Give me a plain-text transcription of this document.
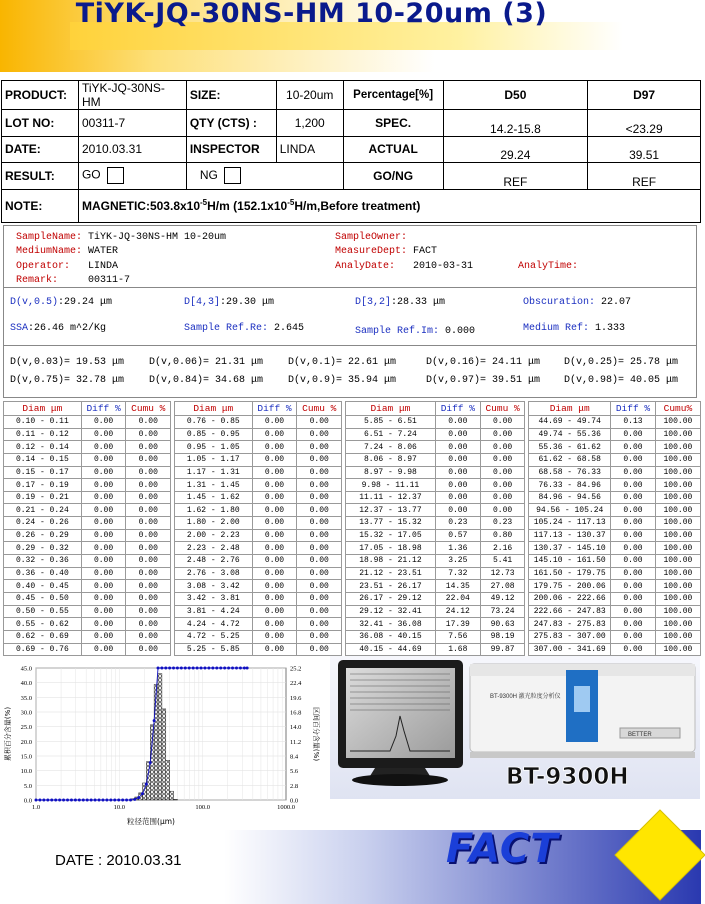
TiYK-JQ-30NS-HM 10-20um (3)
PRODUCT:	TiYK-JQ-30NS-HM	SIZE:	10-20um	Percentage[%]	D50	D97
LOT NO:	00311-7	QTY (CTS) :	1,200	SPEC.	14.2-15.8	<23.29
DATE:	2010.03.31	INSPECTOR	LINDA	ACTUAL	29.24	39.51
RESULT:	GO	NG		GO/NG	REF	REF
NOTE:	$MAGNETIC:503.8x10^{-5}H/m$ ($152.1x10^{-5}H/m,Before$ treatment)					
SampleName: TiYK-JQ-30NS-HM 10-20um	SampleOwner:
MediumName: WATER	MeasureDept: FACT
Operator: LINDA	AnalyDate: 2010-03-31	AnalyTime:
Remark:	00311-7
D(v,0.5):29.24 μm	D[4,3]:29.30 μm	D[3,2]:28.33 μm	Obscuration: 22.07
SSA:26.46 m^2/Kg	Sample Ref.Re: 2.645	Sample Ref.Im: 0.000	Medium Ref: 1.333
D(v,0.03)= 19.53 μm D(v,0.06)= 21.31 μm D(v,0.1)= 22.61 μm	D(v,0.16)= 24.11 μm D(v,0.25)= 25.78 μm
D(v,0.75)= 32.78 μm D(v,0.84)= 34.68 μm D(v,0.9)= 35.94 μm	D(v,0.97)= 39.51 μm D(v,0.98)= 40.05 μm
Diam μm	Diff %	Cumu %		Diam μm	Diff %	Cumu %		Diam μm	Diff %	Cumu %		Diam μm	Diff %	Cumu%
0.10 - 0.11	0.00	0.00		0.76 - 0.85	0.00	0.00		5.85 - 6.51	0.00	0.00		44.69 - 49.74	0.13	100.00
0.11 - 0.12	0.00	0.00		0.85 - 0.95	0.00	0.00		6.51 - 7.24	0.00	0.00		49.74 - 55.36	0.00	100.00
0.12 - 0.14	0.00	0.00		0.95 - 1.05	0.00	0.00		7.24 - 8.06	0.00	0.00		55.36 - 61.62	0.00	100.00
0.14 - 0.15	0.00	0.00		1.05 - 1.17	0.00	0.00		8.06 - 8.97	0.00	0.00		61.62 - 68.58	0.00	100.00
0.15 - 0.17	0.00	0.00		1.17 - 1.31	0.00	0.00		8.97 - 9.98	0.00	0.00		68.58 - 76.33	0.00	100.00
0.17 - 0.19	0.00	0.00		1.31 - 1.45	0.00	0.00		9.98 - 11.11	0.00	0.00		76.33 - 84.96	0.00	100.00
0.19 - 0.21	0.00	0.00		1.45 - 1.62	0.00	0.00		11.11 - 12.37	0.00	0.00		84.96 - 94.56	0.00	100.00
0.21 - 0.24	0.00	0.00		1.62 - 1.80	0.00	0.00		12.37 - 13.77	0.00	0.00		94.56 - 105.24	0.00	100.00
0.24 - 0.26	0.00	0.00		1.80 - 2.00	0.00	0.00		13.77 - 15.32	0.23	0.23		105.24 - 117.13	0.00	100.00
0.26 - 0.29	0.00	0.00		2.00 - 2.23	0.00	0.00		15.32 - 17.05	0.57	0.80		117.13 - 130.37	0.00	100.00
0.29 - 0.32	0.00	0.00		2.23 - 2.48	0.00	0.00		17.05 - 18.98	1.36	2.16		130.37 - 145.10	0.00	100.00
0.32 - 0.36	0.00	0.00		2.48 - 2.76	0.00	0.00		18.98 - 21.12	3.25	5.41		145.10 - 161.50	0.00	100.00
0.36 - 0.40	0.00	0.00		2.76 - 3.08	0.00	0.00		21.12 - 23.51	7.32	12.73		161.50 - 179.75	0.00	100.00
0.40 - 0.45	0.00	0.00		3.08 - 3.42	0.00	0.00		23.51 - 26.17	14.35	27.08		179.75 - 200.06	0.00	100.00
0.45 - 0.50	0.00	0.00		3.42 - 3.81	0.00	0.00		26.17 - 29.12	22.04	49.12		200.06 - 222.66	0.00	100.00
0.50 - 0.55	0.00	0.00		3.81 - 4.24	0.00	0.00		29.12 - 32.41	24.12	73.24		222.66 - 247.83	0.00	100.00
0.55 - 0.62	0.00	0.00		4.24 - 4.72	0.00	0.00		32.41 - 36.08	17.39	90.63		247.83 - 275.83	0.00	100.00
0.62 - 0.69	0.00	0.00		4.72 - 5.25	0.00	0.00		36.08 - 40.15	7.56	98.19		275.83 - 307.00	0.00	100.00
0.69 - 0.76	0.00	0.00		5.25 - 5.85	0.00	0.00		40.15 - 44.69	1.68	99.87		307.00 - 341.69	0.00	100.00
0.0
5.0
10.0
15.0
20.0
25.0
30.0
35.0
40.0
45.0
0.0
2.8
5.6
8.4
11.2
14.0
16.8
19.6
22.4
25.2
1.0	10.0	100.0	1000.0
粒径范围(μm)
累积百分含量(%)	区间百分含量(%)
BT-9300H 激光粒度分析仪
BETTER
BT-9300H
DATE : 2010.03.31	FACT
